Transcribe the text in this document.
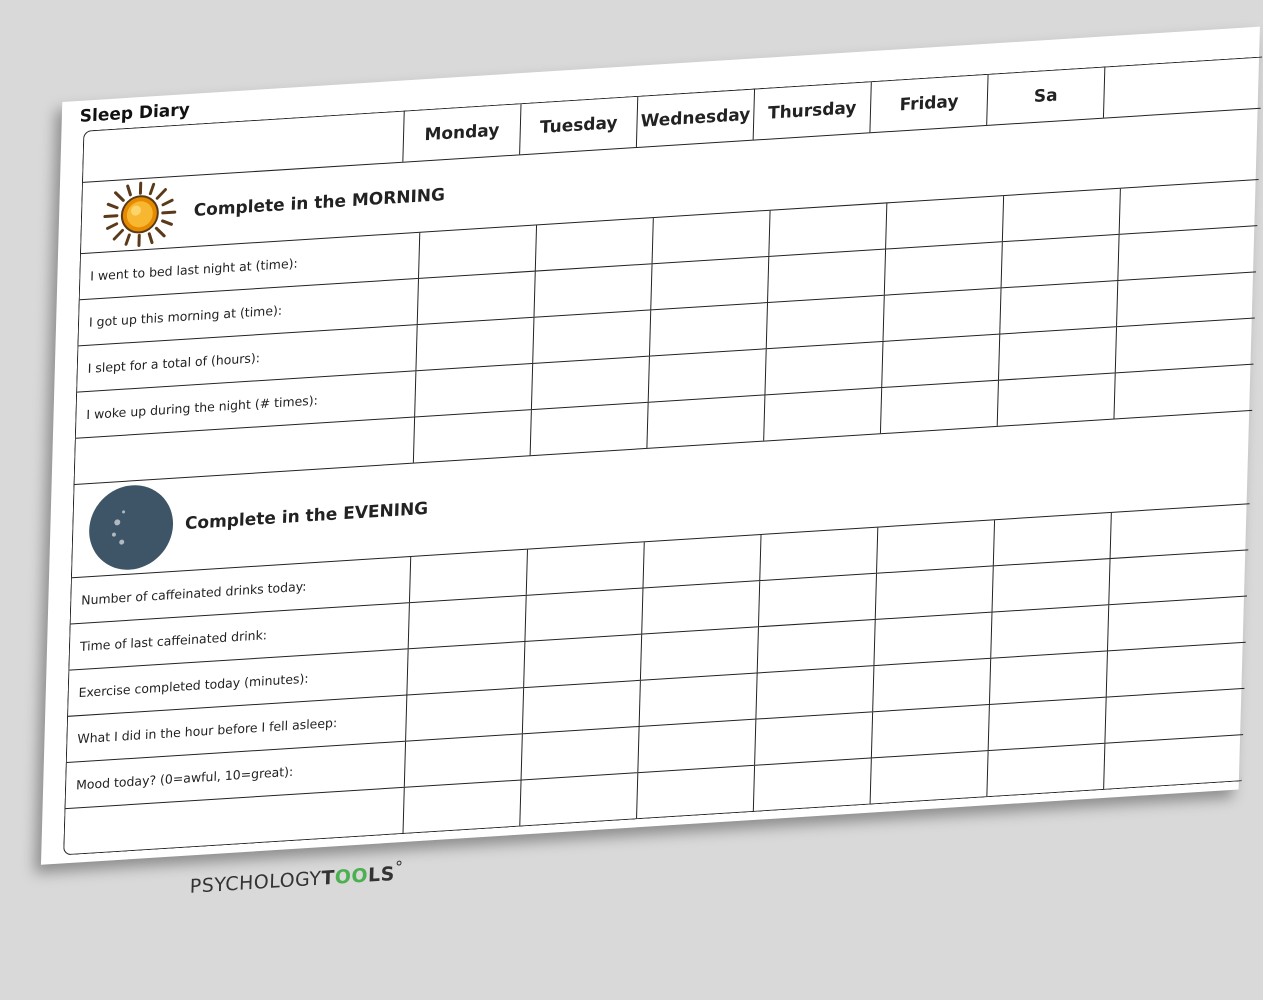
Sleep Diary
Monday	Tuesday	Wednesday	Thursday	Friday	Sa
Complete in the MORNING
I went to bed last night at (time):
I got up this morning at (time):
I slept for a total of (hours):
I woke up during the night (# times):
Complete in the EVENING
Number of caffeinated drinks today:
Time of last caffeinated drink:
Exercise completed today (minutes):
What I did in the hour before I fell asleep:
Mood today? (0=awful, 10=great):
PSYCHOLOGYTOOLS°
